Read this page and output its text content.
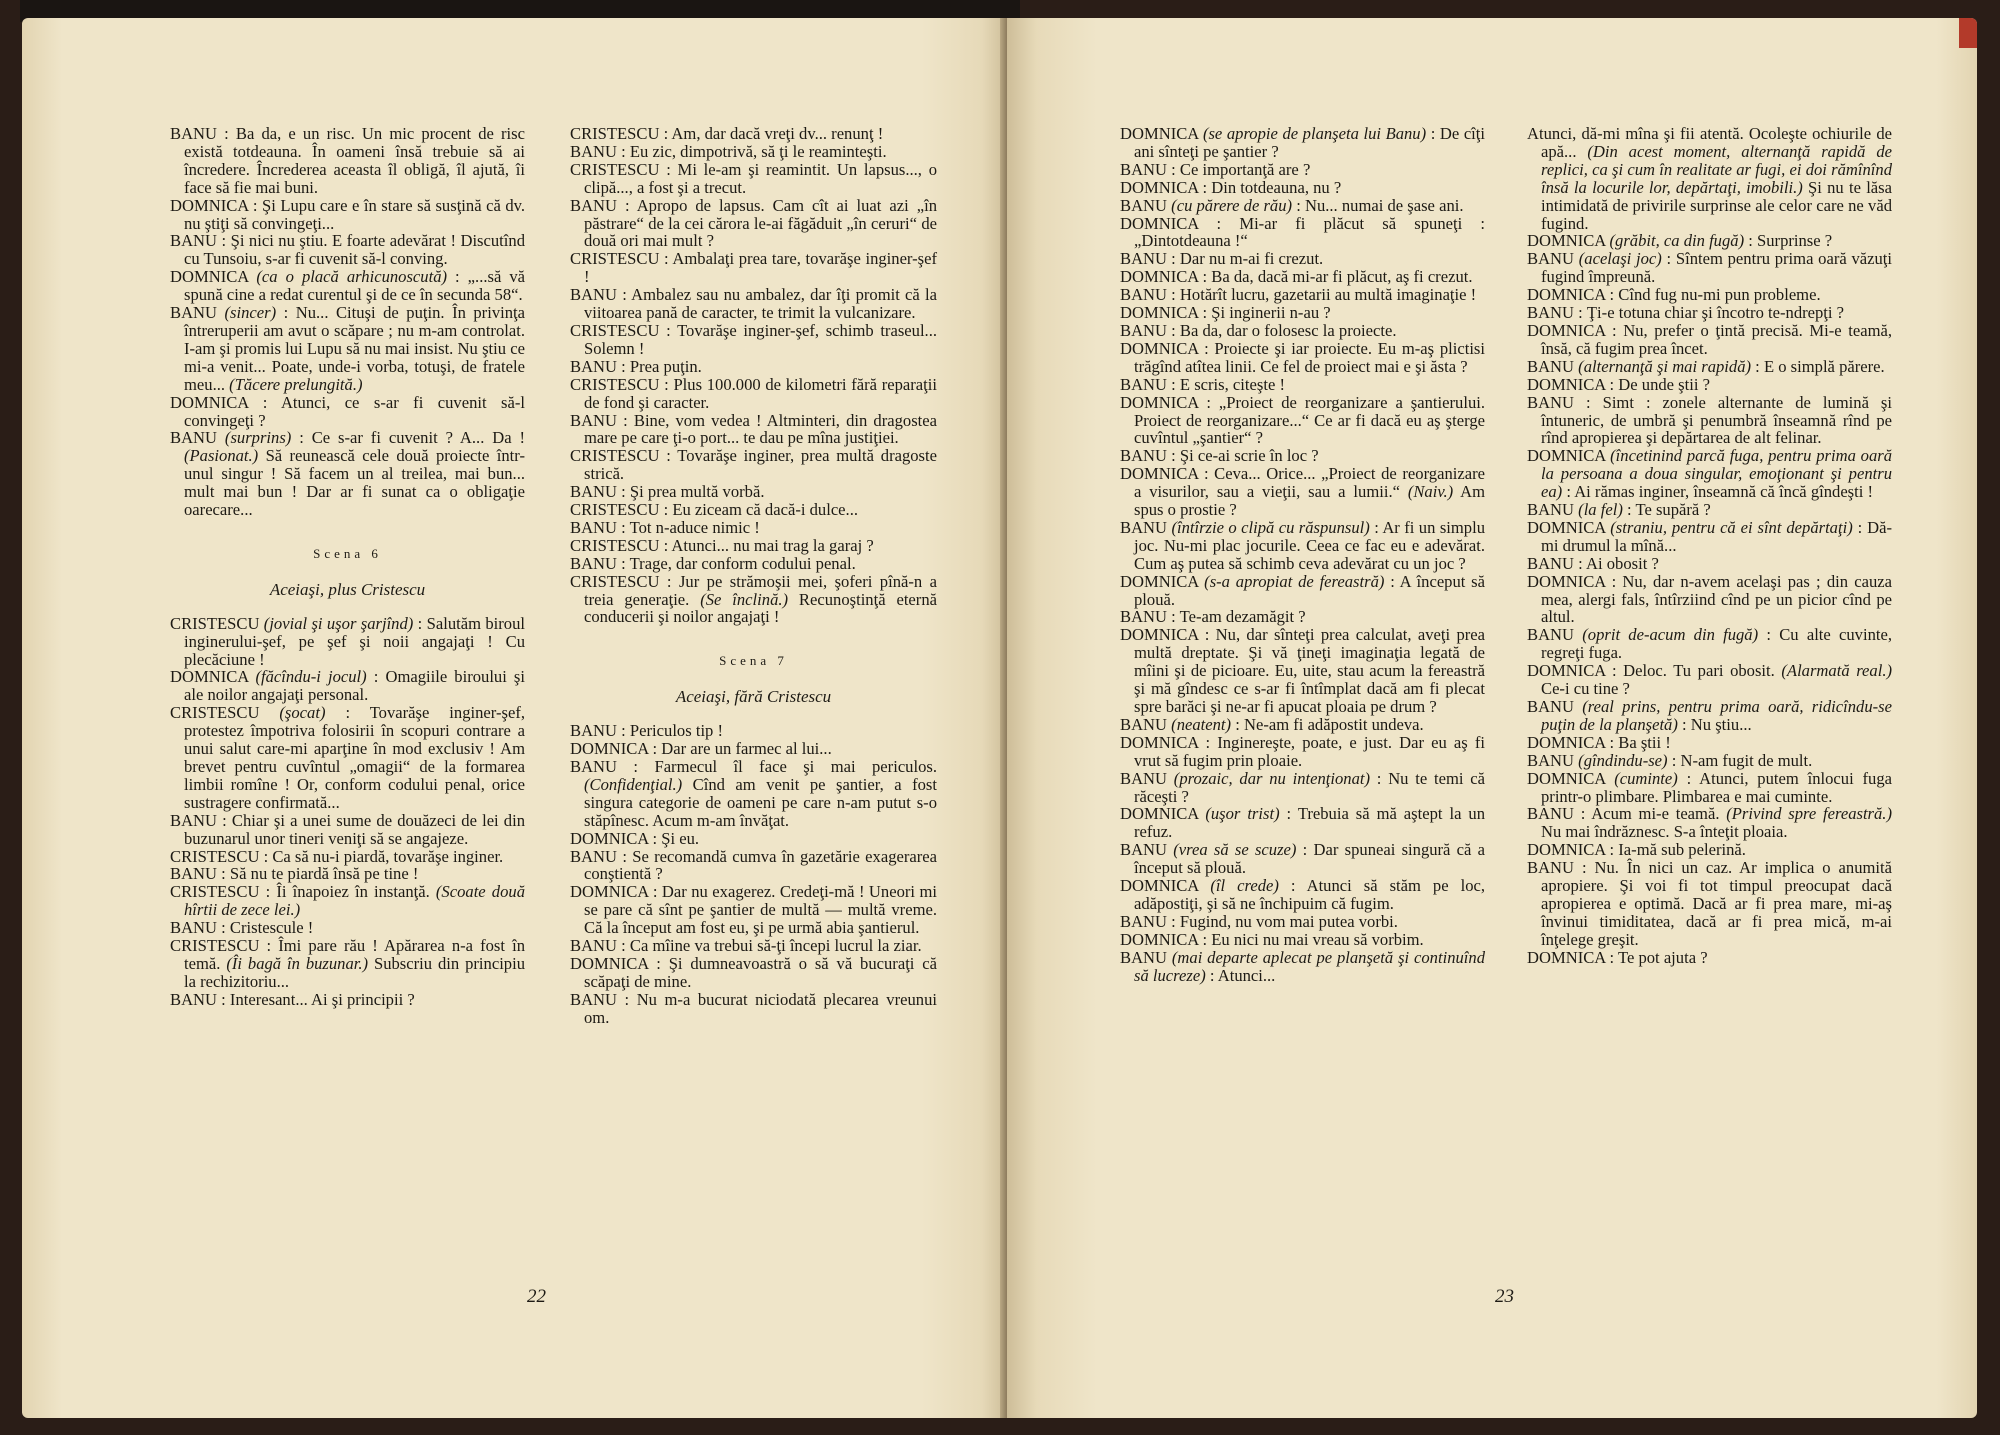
BANU : Ba da, e un risc. Un mic procent de risc există totdeauna. În oameni însă trebuie să ai încredere. Încrederea aceasta îl obligă, îl ajută, îi face să fie mai buni.

DOMNICA : Şi Lupu care e în stare să susţină că dv. nu ştiţi să convingeţi...

BANU : Şi nici nu ştiu. E foarte adevărat ! Discutînd cu Tunsoiu, s-ar fi cuvenit să-l conving.

DOMNICA (ca o placă arhicunoscută) : „...să vă spună cine a redat curentul şi de ce în secunda 58“.

BANU (sincer) : Nu... Cituşi de puţin. În privinţa întreruperii am avut o scăpare ; nu m-am controlat. I-am şi promis lui Lupu să nu mai insist. Nu ştiu ce mi-a venit... Poate, unde-i vorba, totuşi, de fratele meu... (Tăcere prelungită.)

DOMNICA : Atunci, ce s-ar fi cuvenit să-l convingeţi ?

BANU (surprins) : Ce s-ar fi cuvenit ? A... Da ! (Pasionat.) Să reunească cele două proiecte într-unul singur ! Să facem un al treilea, mai bun... mult mai bun ! Dar ar fi sunat ca o obligaţie oarecare...

Scena 6

Aceiaşi, plus Cristescu

CRISTESCU (jovial şi uşor şarjînd) : Salutăm biroul inginerului-şef, pe şef şi noii angajaţi ! Cu plecăciune !

DOMNICA (făcîndu-i jocul) : Omagiile biroului şi ale noilor angajaţi personal.

CRISTESCU (şocat) : Tovarăşe inginer-şef, protestez împotriva folosirii în scopuri contrare a unui salut care-mi aparţine în mod exclusiv ! Am brevet pentru cuvîntul „omagii“ de la formarea limbii romîne ! Or, conform codului penal, orice sustragere confirmată...

BANU : Chiar şi a unei sume de douăzeci de lei din buzunarul unor tineri veniţi să se angajeze.

CRISTESCU : Ca să nu-i piardă, tovarăşe inginer.

BANU : Să nu te piardă însă pe tine !

CRISTESCU : Îi înapoiez în instanţă. (Scoate două hîrtii de zece lei.)

BANU : Cristescule !

CRISTESCU : Îmi pare rău ! Apărarea n-a fost în temă. (Îi bagă în buzunar.) Subscriu din principiu la rechizitoriu...

BANU : Interesant... Ai şi principii ?

CRISTESCU : Am, dar dacă vreţi dv... renunţ !

BANU : Eu zic, dimpotrivă, să ţi le reaminteşti.

CRISTESCU : Mi le-am şi reamintit. Un lapsus..., o clipă..., a fost şi a trecut.

BANU : Apropo de lapsus. Cam cît ai luat azi „în păstrare“ de la cei cărora le-ai făgăduit „în ceruri“ de două ori mai mult ?

CRISTESCU : Ambalaţi prea tare, tovarăşe inginer-şef !

BANU : Ambalez sau nu ambalez, dar îţi promit că la viitoarea pană de caracter, te trimit la vulcanizare.

CRISTESCU : Tovarăşe inginer-şef, schimb traseul... Solemn !

BANU : Prea puţin.

CRISTESCU : Plus 100.000 de kilometri fără reparaţii de fond şi caracter.

BANU : Bine, vom vedea ! Altminteri, din dragostea mare pe care ţi-o port... te dau pe mîna justiţiei.

CRISTESCU : Tovarăşe inginer, prea multă dragoste strică.

BANU : Şi prea multă vorbă.

CRISTESCU : Eu ziceam că dacă-i dulce...

BANU : Tot n-aduce nimic !

CRISTESCU : Atunci... nu mai trag la garaj ?

BANU : Trage, dar conform codului penal.

CRISTESCU : Jur pe strămoşii mei, şoferi pînă-n a treia generaţie. (Se înclină.) Recunoştinţă eternă conducerii şi noilor angajaţi !

Scena 7

Aceiaşi, fără Cristescu

BANU : Periculos tip !

DOMNICA : Dar are un farmec al lui...

BANU : Farmecul îl face şi mai periculos. (Confidenţial.) Cînd am venit pe şantier, a fost singura categorie de oameni pe care n-am putut s-o stăpînesc. Acum m-am învăţat.

DOMNICA : Şi eu.

BANU : Se recomandă cumva în gazetărie exagerarea conştientă ?

DOMNICA : Dar nu exagerez. Credeţi-mă ! Uneori mi se pare că sînt pe şantier de multă — multă vreme. Că la început am fost eu, şi pe urmă abia şantierul.

BANU : Ca mîine va trebui să-ţi începi lucrul la ziar.

DOMNICA : Şi dumneavoastră o să vă bucuraţi că scăpaţi de mine.

BANU : Nu m-a bucurat niciodată plecarea vreunui om.

22

DOMNICA (se apropie de planşeta lui Banu) : De cîţi ani sînteţi pe şantier ?

BANU : Ce importanţă are ?

DOMNICA : Din totdeauna, nu ?

BANU (cu părere de rău) : Nu... numai de şase ani.

DOMNICA : Mi-ar fi plăcut să spuneţi : „Dintotdeauna !“

BANU : Dar nu m-ai fi crezut.

DOMNICA : Ba da, dacă mi-ar fi plăcut, aş fi crezut.

BANU : Hotărît lucru, gazetarii au multă imaginaţie !

DOMNICA : Şi inginerii n-au ?

BANU : Ba da, dar o folosesc la proiecte.

DOMNICA : Proiecte şi iar proiecte. Eu m-aş plictisi trăgînd atîtea linii. Ce fel de proiect mai e şi ăsta ?

BANU : E scris, citeşte !

DOMNICA : „Proiect de reorganizare a şantierului. Proiect de reorganizare...“ Ce ar fi dacă eu aş şterge cuvîntul „şantier“ ?

BANU : Şi ce-ai scrie în loc ?

DOMNICA : Ceva... Orice... „Proiect de reorganizare a visurilor, sau a vieţii, sau a lumii.“ (Naiv.) Am spus o prostie ?

BANU (întîrzie o clipă cu răspunsul) : Ar fi un simplu joc. Nu-mi plac jocurile. Ceea ce fac eu e adevărat. Cum aş putea să schimb ceva adevărat cu un joc ?

DOMNICA (s-a apropiat de fereastră) : A început să plouă.

BANU : Te-am dezamăgit ?

DOMNICA : Nu, dar sînteţi prea calculat, aveţi prea multă dreptate. Şi vă ţineţi imaginaţia legată de mîini şi de picioare. Eu, uite, stau acum la fereastră şi mă gîndesc ce s-ar fi întîmplat dacă am fi plecat spre barăci şi ne-ar fi apucat ploaia pe drum ?

BANU (neatent) : Ne-am fi adăpostit undeva.

DOMNICA : Inginereşte, poate, e just. Dar eu aş fi vrut să fugim prin ploaie.

BANU (prozaic, dar nu intenţionat) : Nu te temi că răceşti ?

DOMNICA (uşor trist) : Trebuia să mă aştept la un refuz.

BANU (vrea să se scuze) : Dar spuneai singură că a început să plouă.

DOMNICA (îl crede) : Atunci să stăm pe loc, adăpostiţi, şi să ne închipuim că fugim.

BANU : Fugind, nu vom mai putea vorbi.

DOMNICA : Eu nici nu mai vreau să vorbim.

BANU (mai departe aplecat pe planşetă şi continuînd să lucreze) : Atunci...

Atunci, dă-mi mîna şi fii atentă. Ocoleşte ochiurile de apă... (Din acest moment, alternanţă rapidă de replici, ca şi cum în realitate ar fugi, ei doi rămînînd însă la locurile lor, depărtaţi, imobili.) Şi nu te lăsa intimidată de privirile surprinse ale celor care ne văd fugind.

DOMNICA (grăbit, ca din fugă) : Surprinse ?

BANU (acelaşi joc) : Sîntem pentru prima oară văzuţi fugind împreună.

DOMNICA : Cînd fug nu-mi pun probleme.

BANU : Ţi-e totuna chiar şi încotro te-ndrepţi ?

DOMNICA : Nu, prefer o ţintă precisă. Mi-e teamă, însă, că fugim prea încet.

BANU (alternanţă şi mai rapidă) : E o simplă părere.

DOMNICA : De unde ştii ?

BANU : Simt : zonele alternante de lumină şi întuneric, de umbră şi penumbră înseamnă rînd pe rînd apropierea şi depărtarea de alt felinar.

DOMNICA (încetinind parcă fuga, pentru prima oară la persoana a doua singular, emoţionant şi pentru ea) : Ai rămas inginer, înseamnă că încă gîndeşti !

BANU (la fel) : Te supără ?

DOMNICA (straniu, pentru că ei sînt depărtaţi) : Dă-mi drumul la mînă...

BANU : Ai obosit ?

DOMNICA : Nu, dar n-avem acelaşi pas ; din cauza mea, alergi fals, întîrziind cînd pe un picior cînd pe altul.

BANU (oprit de-acum din fugă) : Cu alte cuvinte, regreţi fuga.

DOMNICA : Deloc. Tu pari obosit. (Alarmată real.) Ce-i cu tine ?

BANU (real prins, pentru prima oară, ridicîndu-se puţin de la planşetă) : Nu ştiu...

DOMNICA : Ba ştii !

BANU (gîndindu-se) : N-am fugit de mult.

DOMNICA (cuminte) : Atunci, putem înlocui fuga printr-o plimbare. Plimbarea e mai cuminte.

BANU : Acum mi-e teamă. (Privind spre fereastră.) Nu mai îndrăznesc. S-a înteţit ploaia.

DOMNICA : Ia-mă sub pelerină.

BANU : Nu. În nici un caz. Ar implica o anumită apropiere. Şi voi fi tot timpul preocupat dacă apropierea e optimă. Dacă ar fi prea mare, mi-aş învinui timiditatea, dacă ar fi prea mică, m-ai înţelege greşit.

DOMNICA : Te pot ajuta ?

23
